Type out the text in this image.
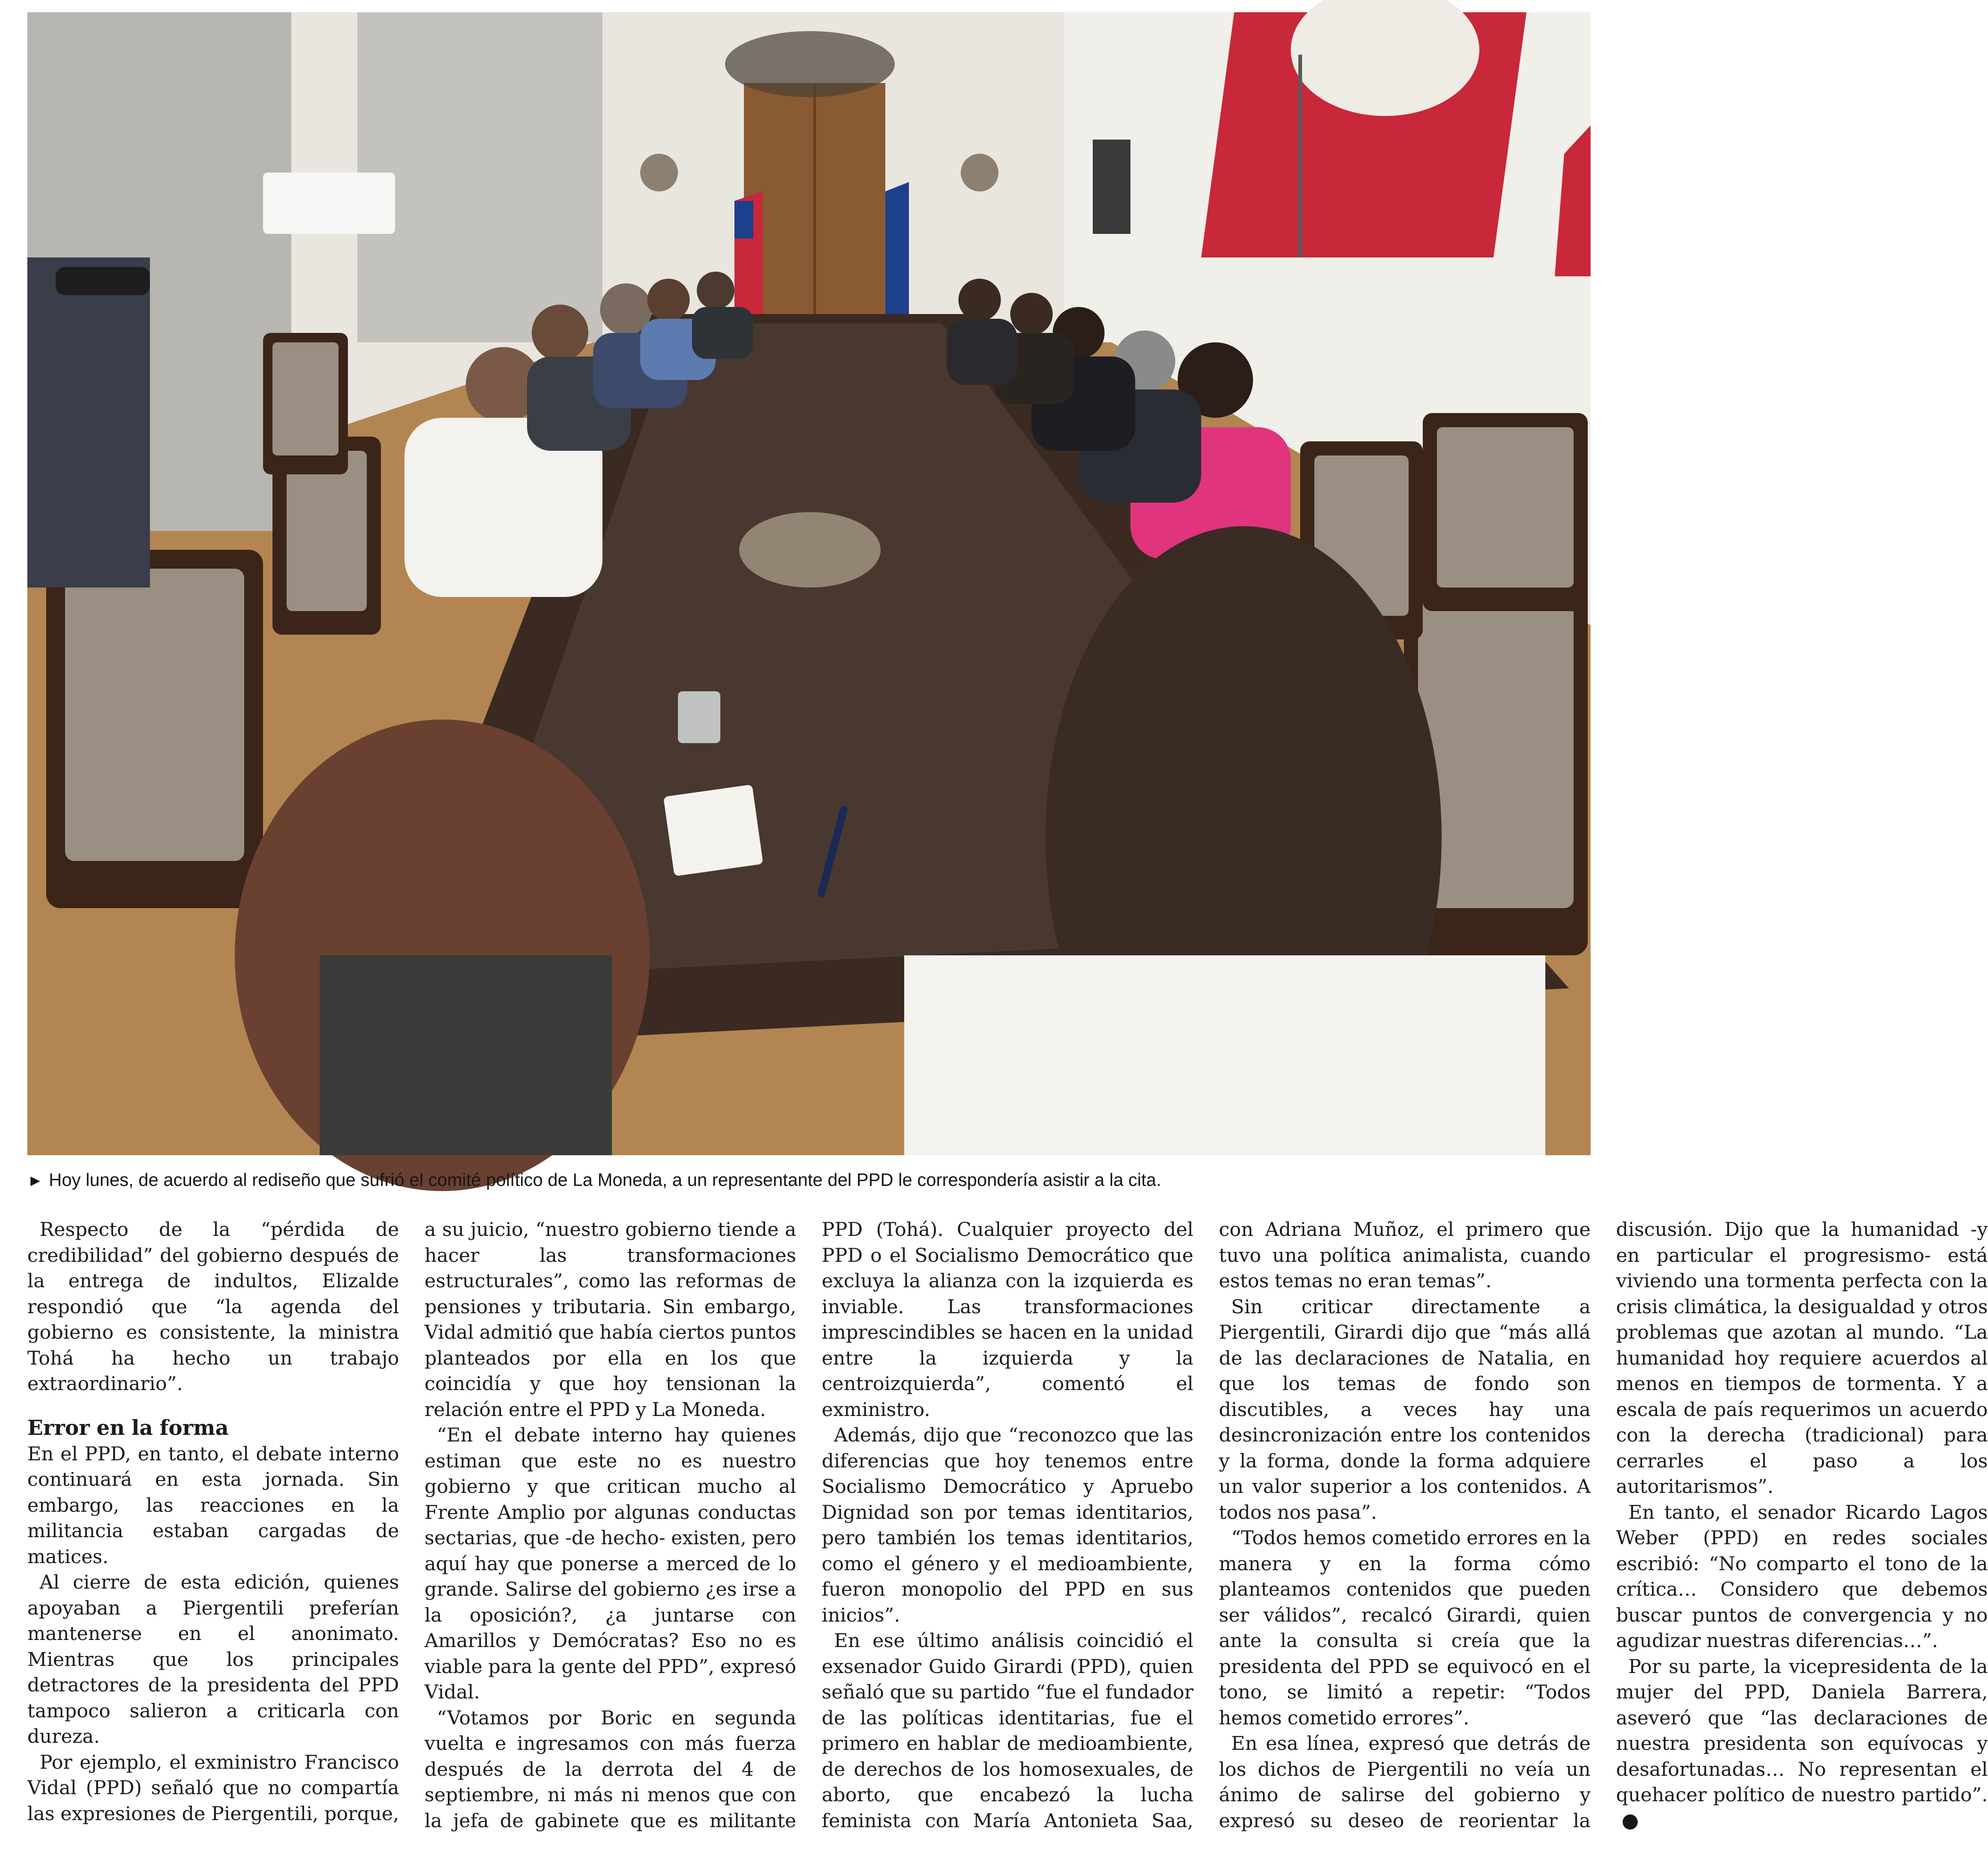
► Hoy lunes, de acuerdo al rediseño que sufrió el comité político de La Moneda, a un representante del PPD le correspondería asistir a la cita.

Respecto de la “pérdida de credibilidad” del gobierno después de la entrega de indultos, Elizalde respondió que “la agenda del gobierno es consistente, la ministra Tohá ha hecho un trabajo extraordinario”.

Error en la forma

En el PPD, en tanto, el debate interno continuará en esta jornada. Sin embargo, las reacciones en la militancia estaban cargadas de matices.

Al cierre de esta edición, quienes apoyaban a Piergentili preferían mantenerse en el anonimato. Mientras que los principales detractores de la presidenta del PPD tampoco salieron a criticarla con dureza.

Por ejemplo, el exministro Francisco Vidal (PPD) señaló que no compartía las expresiones de Piergentili, porque, a su juicio, “nuestro gobierno tiende a hacer las transformaciones estructurales”, como las reformas de pensiones y tributaria. Sin embargo, Vidal admitió que había ciertos puntos planteados por ella en los que coincidía y que hoy tensionan la relación entre el PPD y La Moneda.

“En el debate interno hay quienes estiman que este no es nuestro gobierno y que critican mucho al Frente Amplio por algunas conductas sectarias, que -de hecho- existen, pero aquí hay que ponerse a merced de lo grande. Salirse del gobierno ¿es irse a la oposición?, ¿a juntarse con Amarillos y Demócratas? Eso no es viable para la gente del PPD”, expresó Vidal.

“Votamos por Boric en segunda vuelta e ingresamos con más fuerza después de la derrota del 4 de septiembre, ni más ni menos que con la jefa de gabinete que es militante PPD (Tohá). Cualquier proyecto del PPD o el Socialismo Democrático que excluya la alianza con la izquierda es inviable. Las transformaciones imprescindibles se hacen en la unidad entre la izquierda y la centroizquierda”, comentó el exministro.

Además, dijo que “reconozco que las diferencias que hoy tenemos entre Socialismo Democrático y Apruebo Dignidad son por temas identitarios, pero también los temas identitarios, como el género y el medioambiente, fueron monopolio del PPD en sus inicios”.

En ese último análisis coincidió el exsenador Guido Girardi (PPD), quien señaló que su partido “fue el fundador de las políticas identitarias, fue el primero en hablar de medioambiente, de derechos de los homosexuales, de aborto, que encabezó la lucha feminista con María Antonieta Saa, con Adriana Muñoz, el primero que tuvo una política animalista, cuando estos temas no eran temas”.

Sin criticar directamente a Piergentili, Girardi dijo que “más allá de las declaraciones de Natalia, en que los temas de fondo son discutibles, a veces hay una desincronización entre los contenidos y la forma, donde la forma adquiere un valor superior a los contenidos. A todos nos pasa”.

“Todos hemos cometido errores en la manera y en la forma cómo planteamos contenidos que pueden ser válidos”, recalcó Girardi, quien ante la consulta si creía que la presidenta del PPD se equivocó en el tono, se limitó a repetir: “Todos hemos cometido errores”.

En esa línea, expresó que detrás de los dichos de Piergentili no veía un ánimo de salirse del gobierno y expresó su deseo de reorientar la discusión. Dijo que la humanidad -y en particular el progresismo- está viviendo una tormenta perfecta con la crisis climática, la desigualdad y otros problemas que azotan al mundo. “La humanidad hoy requiere acuerdos al menos en tiempos de tormenta. Y a escala de país requerimos un acuerdo con la derecha (tradicional) para cerrarles el paso a los autoritarismos”.

En tanto, el senador Ricardo Lagos Weber (PPD) en redes sociales escribió: “No comparto el tono de la crítica… Considero que debemos buscar puntos de convergencia y no agudizar nuestras diferencias…”.

Por su parte, la vicepresidenta de la mujer del PPD, Daniela Barrera, aseveró que “las declaraciones de nuestra presidenta son equívocas y desafortunadas… No representan el quehacer político de nuestro partido”.
